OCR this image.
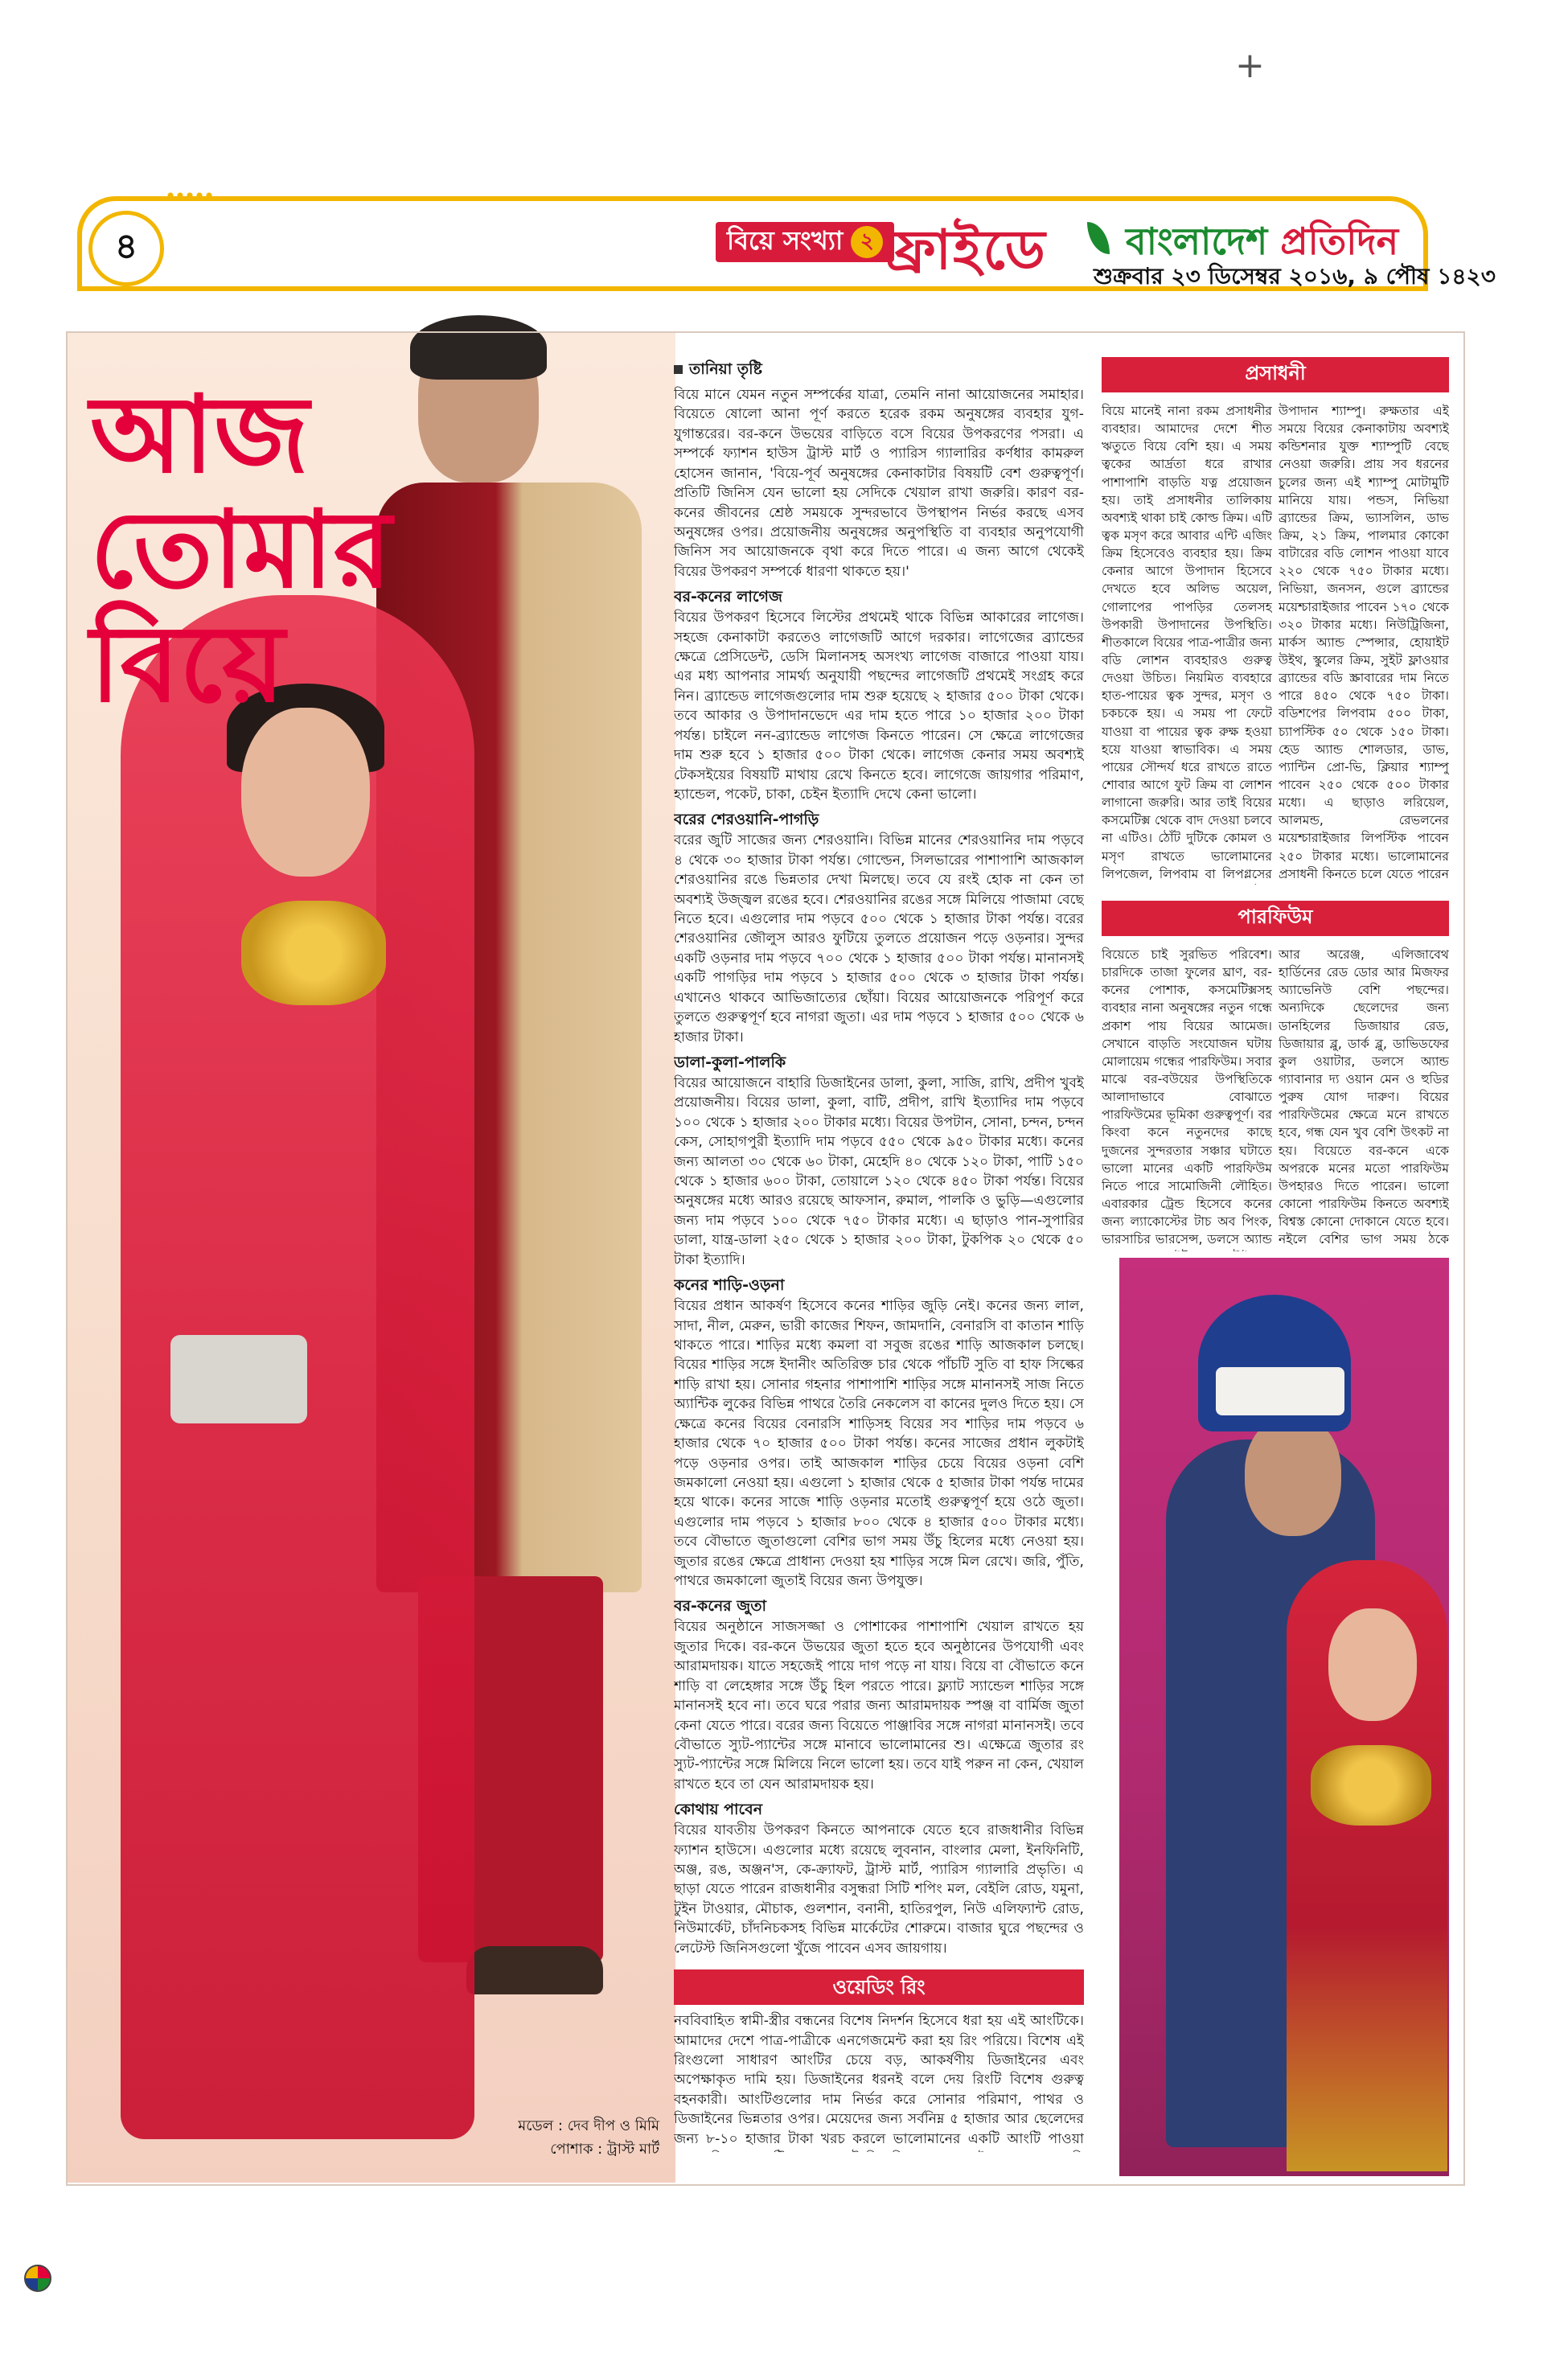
+
৪	বিয়ে সংখ্যা ২ ফ্রাইডে বাংলাদেশ প্রতিদিন
শুক্রবার ২৩ ডিসেম্বর ২০১৬, ৯ পৌষ ১৪২৩
আজ
তোমার
বিয়ে
মডেল : দেব দীপ ও মিমি
পোশাক : ট্রাস্ট মার্ট
তানিয়া তৃষ্টি
বিয়ে মানে যেমন নতুন সম্পর্কের যাত্রা, তেমনি নানা আয়োজনের সমাহার। বিয়েতে ষোলো আনা পূর্ণ করতে হরেক রকম অনুষঙ্গের ব্যবহার যুগ-যুগান্তরের। বর-কনে উভয়ের বাড়িতে বসে বিয়ের উপকরণের পসরা। এ সম্পর্কে ফ্যাশন হাউস ট্রাস্ট মার্ট ও প্যারিস গ্যালারির কর্ণধার কামরুল হোসেন জানান, 'বিয়ে-পূর্ব অনুষঙ্গের কেনাকাটার বিষয়টি বেশ গুরুত্বপূর্ণ। প্রতিটি জিনিস যেন ভালো হয় সেদিকে খেয়াল রাখা জরুরি। কারণ বর-কনের জীবনের শ্রেষ্ঠ সময়কে সুন্দরভাবে উপস্থাপন নির্ভর করছে এসব অনুষঙ্গের ওপর। প্রয়োজনীয় অনুষঙ্গের অনুপস্থিতি বা ব্যবহার অনুপযোগী জিনিস সব আয়োজনকে বৃথা করে দিতে পারে। এ জন্য আগে থেকেই বিয়ের উপকরণ সম্পর্কে ধারণা থাকতে হয়।'
বর-কনের লাগেজ
বিয়ের উপকরণ হিসেবে লিস্টের প্রথমেই থাকে বিভিন্ন আকারের লাগেজ। সহজে কেনাকাটা করতেও লাগেজটি আগে দরকার। লাগেজের ব্র্যান্ডের ক্ষেত্রে প্রেসিডেন্ট, ডেসি মিলানসহ অসংখ্য লাগেজ বাজারে পাওয়া যায়। এর মধ্য আপনার সামর্থ্য অনুযায়ী পছন্দের লাগেজটি প্রথমেই সংগ্রহ করে নিন। ব্র্যান্ডেড লাগেজগুলোর দাম শুরু হয়েছে ২ হাজার ৫০০ টাকা থেকে। তবে আকার ও উপাদানভেদে এর দাম হতে পারে ১০ হাজার ২০০ টাকা পর্যন্ত। চাইলে নন-ব্র্যান্ডেড লাগেজ কিনতে পারেন। সে ক্ষেত্রে লাগেজের দাম শুরু হবে ১ হাজার ৫০০ টাকা থেকে। লাগেজ কেনার সময় অবশ্যই টেকসইয়ের বিষয়টি মাথায় রেখে কিনতে হবে। লাগেজে জায়গার পরিমাণ, হ্যান্ডেল, পকেট, চাকা, চেইন ইত্যাদি দেখে কেনা ভালো।
বরের শেরওয়ানি-পাগড়ি
বরের জুটি সাজের জন্য শেরওয়ানি। বিভিন্ন মানের শেরওয়ানির দাম পড়বে ৪ থেকে ৩০ হাজার টাকা পর্যন্ত। গোল্ডেন, সিলভারের পাশাপাশি আজকাল শেরওয়ানির রঙে ভিন্নতার দেখা মিলছে। তবে যে রংই হোক না কেন তা অবশ্যই উজ্জ্বল রঙের হবে। শেরওয়ানির রঙের সঙ্গে মিলিয়ে পাজামা বেছে নিতে হবে। এগুলোর দাম পড়বে ৫০০ থেকে ১ হাজার টাকা পর্যন্ত। বরের শেরওয়ানির জৌলুস আরও ফুটিয়ে তুলতে প্রয়োজন পড়ে ওড়নার। সুন্দর একটি ওড়নার দাম পড়বে ৭০০ থেকে ১ হাজার ৫০০ টাকা পর্যন্ত। মানানসই একটি পাগড়ির দাম পড়বে ১ হাজার ৫০০ থেকে ৩ হাজার টাকা পর্যন্ত। এখানেও থাকবে আভিজাত্যের ছোঁয়া। বিয়ের আয়োজনকে পরিপূর্ণ করে তুলতে গুরুত্বপূর্ণ হবে নাগরা জুতা। এর দাম পড়বে ১ হাজার ৫০০ থেকে ৬ হাজার টাকা।
ডালা-কুলা-পালকি
বিয়ের আয়োজনে বাহারি ডিজাইনের ডালা, কুলা, সাজি, রাখি, প্রদীপ খুবই প্রয়োজনীয়। বিয়ের ডালা, কুলা, বাটি, প্রদীপ, রাখি ইত্যাদির দাম পড়বে ১০০ থেকে ১ হাজার ২০০ টাকার মধ্যে। বিয়ের উপটান, সোনা, চন্দন, চন্দন কেস, সোহাগপুরী ইত্যাদি দাম পড়বে ৫৫০ থেকে ৯৫০ টাকার মধ্যে। কনের জন্য আলতা ৩০ থেকে ৬০ টাকা, মেহেদি ৪০ থেকে ১২০ টাকা, পাটি ১৫০ থেকে ১ হাজার ৬০০ টাকা, তোয়ালে ১২০ থেকে ৪৫০ টাকা পর্যন্ত। বিয়ের অনুষঙ্গের মধ্যে আরও রয়েছে আফসান, রুমাল, পালকি ও ভুড়ি—এগুলোর জন্য দাম পড়বে ১০০ থেকে ৭৫০ টাকার মধ্যে। এ ছাড়াও পান-সুপারির ডালা, যান্ত্র-ডালা ২৫০ থেকে ১ হাজার ২০০ টাকা, টুকপিক ২০ থেকে ৫০ টাকা ইত্যাদি।
কনের শাড়ি-ওড়না
বিয়ের প্রধান আকর্ষণ হিসেবে কনের শাড়ির জুড়ি নেই। কনের জন্য লাল, সাদা, নীল, মেরুন, ভারী কাজের শিফন, জামদানি, বেনারসি বা কাতান শাড়ি থাকতে পারে। শাড়ির মধ্যে কমলা বা সবুজ রঙের শাড়ি আজকাল চলছে। বিয়ের শাড়ির সঙ্গে ইদানীং অতিরিক্ত চার থেকে পাঁচটি সুতি বা হাফ সিল্কের শাড়ি রাখা হয়। সোনার গহনার পাশাপাশি শাড়ির সঙ্গে মানানসই সাজ নিতে অ্যান্টিক লুকের বিভিন্ন পাথরে তৈরি নেকলেস বা কানের দুলও দিতে হয়। সে ক্ষেত্রে কনের বিয়ের বেনারসি শাড়িসহ বিয়ের সব শাড়ির দাম পড়বে ৬ হাজার থেকে ৭০ হাজার ৫০০ টাকা পর্যন্ত। কনের সাজের প্রধান লুকটাই পড়ে ওড়নার ওপর। তাই আজকাল শাড়ির চেয়ে বিয়ের ওড়না বেশি জমকালো নেওয়া হয়। এগুলো ১ হাজার থেকে ৫ হাজার টাকা পর্যন্ত দামের হয়ে থাকে। কনের সাজে শাড়ি ওড়নার মতোই গুরুত্বপূর্ণ হয়ে ওঠে জুতা। এগুলোর দাম পড়বে ১ হাজার ৮০০ থেকে ৪ হাজার ৫০০ টাকার মধ্যে। তবে বৌভাতে জুতাগুলো বেশির ভাগ সময় উঁচু হিলের মধ্যে নেওয়া হয়। জুতার রঙের ক্ষেত্রে প্রাধান্য দেওয়া হয় শাড়ির সঙ্গে মিল রেখে। জরি, পুঁতি, পাথরে জমকালো জুতাই বিয়ের জন্য উপযুক্ত।
বর-কনের জুতা
বিয়ের অনুষ্ঠানে সাজসজ্জা ও পোশাকের পাশাপাশি খেয়াল রাখতে হয় জুতার দিকে। বর-কনে উভয়ের জুতা হতে হবে অনুষ্ঠানের উপযোগী এবং আরামদায়ক। যাতে সহজেই পায়ে দাগ পড়ে না যায়। বিয়ে বা বৌভাতে কনে শাড়ি বা লেহেঙ্গার সঙ্গে উঁচু হিল পরতে পারে। ফ্ল্যাট স্যান্ডেল শাড়ির সঙ্গে মানানসই হবে না। তবে ঘরে পরার জন্য আরামদায়ক স্পঞ্জ বা বার্মিজ জুতা কেনা যেতে পারে। বরের জন্য বিয়েতে পাঞ্জাবির সঙ্গে নাগরা মানানসই। তবে বৌভাতে স্যুট-প্যান্টের সঙ্গে মানাবে ভালোমানের শু। এক্ষেত্রে জুতার রং স্যুট-প্যান্টের সঙ্গে মিলিয়ে নিলে ভালো হয়। তবে যাই পরুন না কেন, খেয়াল রাখতে হবে তা যেন আরামদায়ক হয়।
কোথায় পাবেন
বিয়ের যাবতীয় উপকরণ কিনতে আপনাকে যেতে হবে রাজধানীর বিভিন্ন ফ্যাশন হাউসে। এগুলোর মধ্যে রয়েছে লুবনান, বাংলার মেলা, ইনফিনিটি, অঞ্জ, রঙ, অঞ্জন'স, কে-ক্র্যাফট, ট্রাস্ট মার্ট, প্যারিস গ্যালারি প্রভৃতি। এ ছাড়া যেতে পারেন রাজধানীর বসুন্ধরা সিটি শপিং মল, বেইলি রোড, যমুনা, টুইন টাওয়ার, মৌচাক, গুলশান, বনানী, হাতিরপুল, নিউ এলিফ্যান্ট রোড, নিউমার্কেট, চাঁদনিচকসহ বিভিন্ন মার্কেটের শোরুমে। বাজার ঘুরে পছন্দের ও লেটেস্ট জিনিসগুলো খুঁজে পাবেন এসব জায়গায়।
ওয়েডিং রিং
নববিবাহিত স্বামী-স্ত্রীর বন্ধনের বিশেষ নিদর্শন হিসেবে ধরা হয় এই আংটিকে। আমাদের দেশে পাত্র-পাত্রীকে এনগেজমেন্ট করা হয় রিং পরিয়ে। বিশেষ এই রিংগুলো সাধারণ আংটির চেয়ে বড়, আকর্ষণীয় ডিজাইনের এবং অপেক্ষাকৃত দামি হয়। ডিজাইনের ধরনই বলে দেয় রিংটি বিশেষ গুরুত্ব বহনকারী। আংটিগুলোর দাম নির্ভর করে সোনার পরিমাণ, পাথর ও ডিজাইনের ভিন্নতার ওপর। মেয়েদের জন্য সর্বনিম্ন ৫ হাজার আর ছেলেদের জন্য ৮-১০ হাজার টাকা খরচ করলে ভালোমানের একটি আংটি পাওয়া
প্রসাধনী
বিয়ে মানেই নানা রকম প্রসাধনীর ব্যবহার। আমাদের দেশে শীত ঋতুতে বিয়ে বেশি হয়। এ সময় ত্বকের আর্দ্রতা ধরে রাখার পাশাপাশি বাড়তি যত্ন প্রয়োজন হয়। তাই প্রসাধনীর তালিকায় অবশ্যই থাকা চাই কোল্ড ক্রিম। এটি ত্বক মসৃণ করে আবার এন্টি এজিং ক্রিম হিসেবেও ব্যবহার হয়। ক্রিম কেনার আগে উপাদান হিসেবে দেখতে হবে অলিভ অয়েল, গোলাপের পাপড়ির তেলসহ উপকারী উপাদানের উপস্থিতি। শীতকালে বিয়ের পাত্র-পাত্রীর জন্য বডি লোশন ব্যবহারও গুরুত্ব দেওয়া উচিত। নিয়মিত ব্যবহারে হাত-পায়ের ত্বক সুন্দর, মসৃণ ও চকচকে হয়। এ সময় পা ফেটে যাওয়া বা পায়ের ত্বক রুক্ষ হওয়া হয়ে যাওয়া স্বাভাবিক। এ সময় পায়ের সৌন্দর্য ধরে রাখতে রাতে শোবার আগে ফুট ক্রিম বা লোশন লাগানো জরুরি। আর তাই বিয়ের কসমেটিক্স থেকে বাদ দেওয়া চলবে না এটিও। ঠোঁট দুটিকে কোমল ও মসৃণ রাখতে ভালোমানের লিপজেল, লিপবাম বা লিপগ্লসের
উপাদান শ্যাম্পু। রুক্ষতার এই সময়ে বিয়ের কেনাকাটায় অবশ্যই কন্ডিশনার যুক্ত শ্যাম্পুটি বেছে নেওয়া জরুরি। প্রায় সব ধরনের চুলের জন্য এই শ্যাম্পু মোটামুটি মানিয়ে যায়। পন্ডস, নিভিয়া ব্র্যান্ডের ক্রিম, ভ্যাসলিন, ডাভ ক্রিম, ২১ ক্রিম, পালমার কোকো বাটারের বডি লোশন পাওয়া যাবে ২২০ থেকে ৭৫০ টাকার মধ্যে। নিভিয়া, জনসন, গুলে ব্র্যান্ডের ময়েশ্চারাইজার পাবেন ১৭০ থেকে ৩২০ টাকার মধ্যে। নিউট্রিজিনা, মার্কস অ্যান্ড স্পেন্সার, হোয়াইট উইথ, স্কুলের ক্রিম, সুইট ফ্লাওয়ার ব্র্যান্ডের বডি স্ক্রাবারের দাম নিতে পারে ৪৫০ থেকে ৭৫০ টাকা। বডিশপের লিপবাম ৫০০ টাকা, চ্যাপস্টিক ৫০ থেকে ১৫০ টাকা। হেড অ্যান্ড শোলডার, ডাভ, প্যান্টিন প্রো-ভি, ক্লিয়ার শ্যাম্পু পাবেন ২৫০ থেকে ৫০০ টাকার মধ্যে। এ ছাড়াও লরিয়েল, আলমন্ড, রেভলনের ময়েশ্চারাইজার লিপস্টিক পাবেন ২৫০ টাকার মধ্যে। ভালোমানের প্রসাধনী কিনতে চলে যেতে পারেন
পারফিউম
বিয়েতে চাই সুরভিত পরিবেশ। চারদিকে তাজা ফুলের ঘ্রাণ, বর-কনের পোশাক, কসমেটিক্সসহ ব্যবহার নানা অনুষঙ্গের নতুন গন্ধে প্রকাশ পায় বিয়ের আমেজ। সেখানে বাড়তি সংযোজন ঘটায় মোলায়েম গন্ধের পারফিউম। সবার মাঝে বর-বউয়ের উপস্থিতিকে আলাদাভাবে বোঝাতে পারফিউমের ভূমিকা গুরুত্বপূর্ণ। বর কিংবা কনে নতুনদের কাছে দুজনের সুন্দরতার সঞ্চার ঘটাতে ভালো মানের একটি পারফিউম নিতে পারে সামোজিনী লৌহিত। এবারকার ট্রেন্ড হিসেবে কনের জন্য ল্যাকোস্টের টাচ অব পিংক, ভারসাচির ভারসেন্স, ডলসে অ্যান্ড
আর অরেঞ্জ, এলিজাবেথ হার্ডিনের রেড ডোর আর মিজফর অ্যাভেনিউ বেশি পছন্দের। অন্যদিকে ছেলেদের জন্য ডানহিলের ডিজায়ার রেড, ডিজায়ার ব্লু, ডার্ক ব্লু, ডাভিডফের কুল ওয়াটার, ডলসে অ্যান্ড গ্যাবানার দ্য ওয়ান মেন ও হুডির পুরুষ যোগ দারুণ। বিয়ের পারফিউমের ক্ষেত্রে মনে রাখতে হবে, গন্ধ যেন খুব বেশি উৎকট না হয়। বিয়েতে বর-কনে একে অপরকে মনের মতো পারফিউম উপহারও দিতে পারেন। ভালো কোনো পারফিউম কিনতে অবশ্যই বিশ্বস্ত কোনো দোকানে যেতে হবে। নইলে বেশির ভাগ সময় ঠকে
